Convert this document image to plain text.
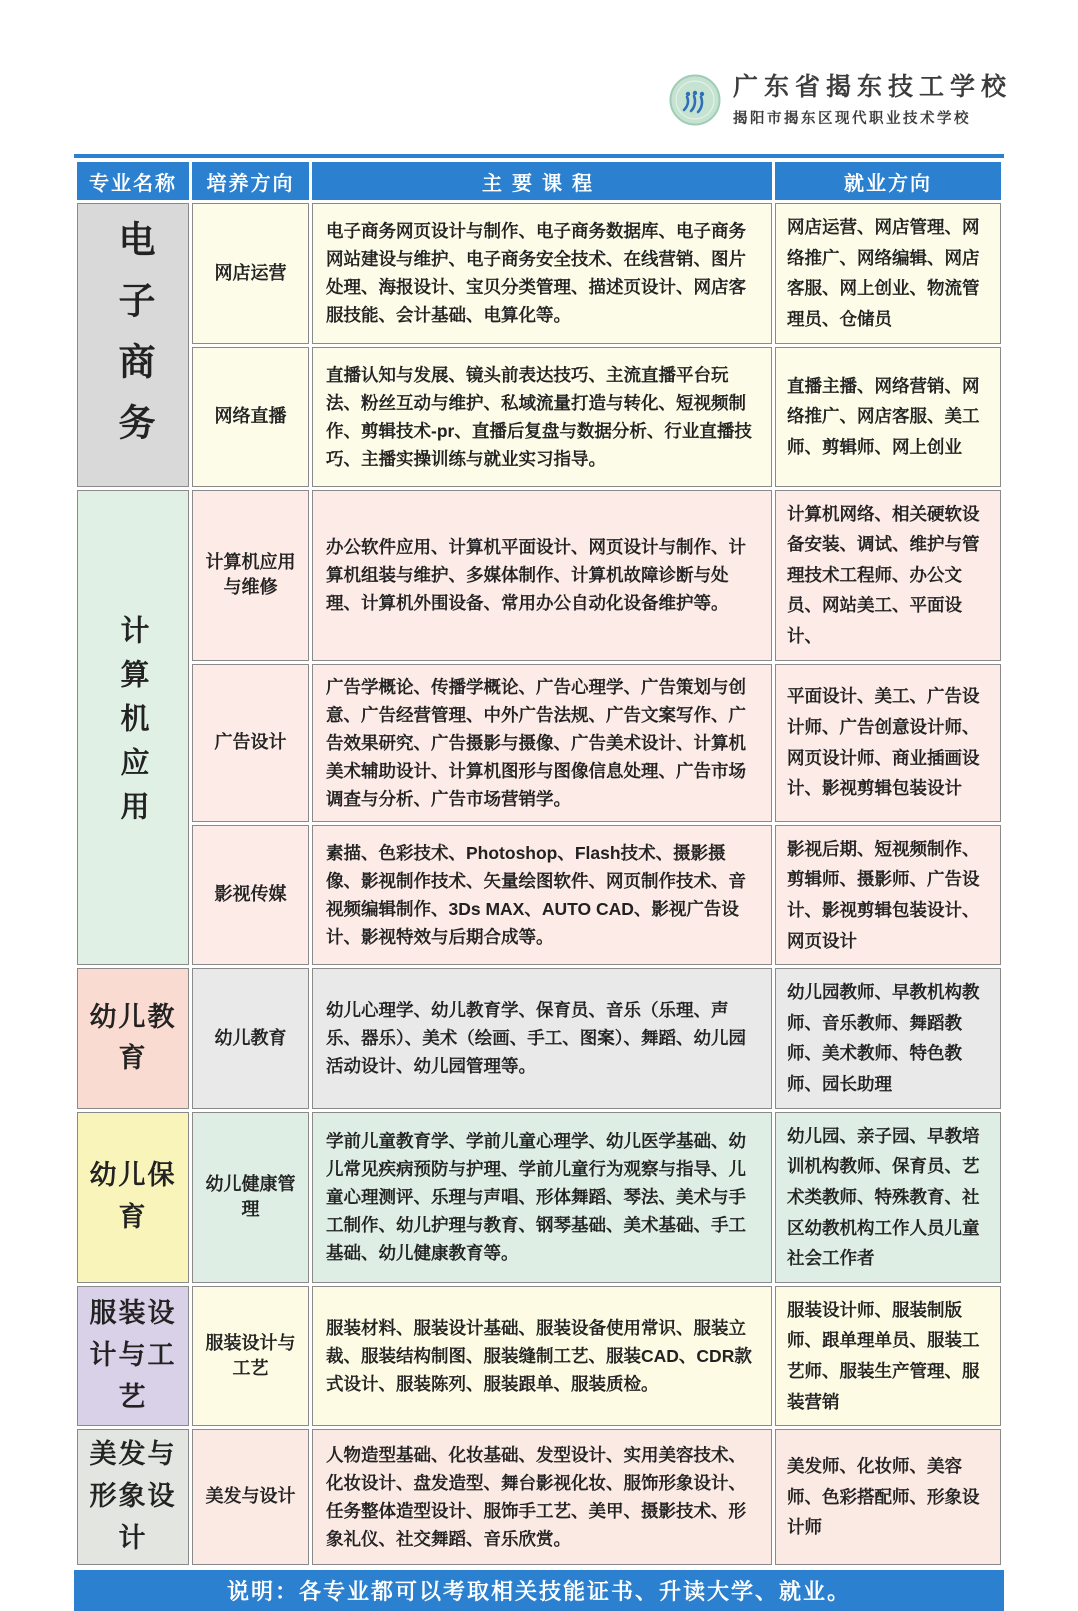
广东省揭东技工学校
揭阳市揭东区现代职业技术学校
专业名称	培养方向	主要课程	就业方向
电子商务	网店运营	电子商务网页设计与制作、电子商务数据库、电子商务网站建设与维护、电子商务安全技术、在线营销、图片处理、海报设计、宝贝分类管理、描述页设计、网店客服技能、会计基础、电算化等。	网店运营、网店管理、网络推广、网络编辑、网店客服、网上创业、物流管理员、仓储员
	网络直播	直播认知与发展、镜头前表达技巧、主流直播平台玩法、粉丝互动与维护、私域流量打造与转化、短视频制作、剪辑技术-pr、直播后复盘与数据分析、行业直播技巧、主播实操训练与就业实习指导。	直播主播、网络营销、网络推广、网店客服、美工师、剪辑师、网上创业
计算机应用	计算机应用与维修	办公软件应用、计算机平面设计、网页设计与制作、计算机组装与维护、多媒体制作、计算机故障诊断与处理、计算机外围设备、常用办公自动化设备维护等。	计算机网络、相关硬软设备安装、调试、维护与管理技术工程师、办公文员、网站美工、平面设计、
	广告设计	广告学概论、传播学概论、广告心理学、广告策划与创意、广告经营管理、中外广告法规、广告文案写作、广告效果研究、广告摄影与摄像、广告美术设计、计算机美术辅助设计、计算机图形与图像信息处理、广告市场调查与分析、广告市场营销学。	平面设计、美工、广告设计师、广告创意设计师、网页设计师、商业插画设计、影视剪辑包装设计
	影视传媒	素描、色彩技术、Photoshop、Flash技术、摄影摄像、影视制作技术、矢量绘图软件、网页制作技术、音视频编辑制作、3Ds MAX、AUTO CAD、影视广告设计、影视特效与后期合成等。	影视后期、短视频制作、剪辑师、摄影师、广告设计、影视剪辑包装设计、网页设计
幼儿教育	幼儿教育	幼儿心理学、幼儿教育学、保育员、音乐（乐理、声乐、器乐）、美术（绘画、手工、图案）、舞蹈、幼儿园活动设计、幼儿园管理等。	幼儿园教师、早教机构教师、音乐教师、舞蹈教师、美术教师、特色教师、园长助理
幼儿保育	幼儿健康管理	学前儿童教育学、学前儿童心理学、幼儿医学基础、幼儿常见疾病预防与护理、学前儿童行为观察与指导、儿童心理测评、乐理与声唱、形体舞蹈、琴法、美术与手工制作、幼儿护理与教育、钢琴基础、美术基础、手工基础、幼儿健康教育等。	幼儿园、亲子园、早教培训机构教师、保育员、艺术类教师、特殊教育、社区幼教机构工作人员儿童社会工作者
服装设计与工艺	服装设计与工艺	服装材料、服装设计基础、服装设备使用常识、服装立裁、服装结构制图、服装缝制工艺、服装CAD、CDR款式设计、服装陈列、服装跟单、服装质检。	服装设计师、服装制版师、跟单理单员、服装工艺师、服装生产管理、服装营销
美发与形象设计	美发与设计	人物造型基础、化妆基础、发型设计、实用美容技术、化妆设计、盘发造型、舞台影视化妆、服饰形象设计、任务整体造型设计、服饰手工艺、美甲、摄影技术、形象礼仪、社交舞蹈、音乐欣赏。	美发师、化妆师、美容师、色彩搭配师、形象设计师
说明：各专业都可以考取相关技能证书、升读大学、就业。
